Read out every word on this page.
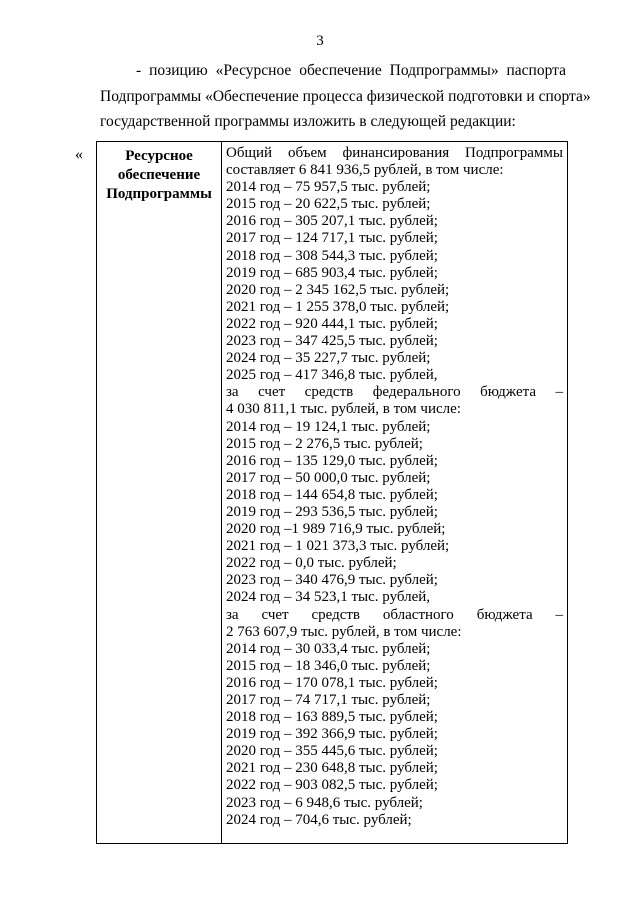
3
- позицию «Ресурсное обеспечение Подпрограммы» паспорта
Подпрограммы «Обеспечение процесса физической подготовки и спорта»
государственной программы изложить в следующей редакции:
«	Ресурсное обеспечение Подпрограммы	
Общий объем финансирования Подпрограммы
составляет 6 841 936,5 рублей, в том числе:
2014 год – 75 957,5 тыс. рублей;
2015 год – 20 622,5 тыс. рублей;
2016 год – 305 207,1 тыс. рублей;
2017 год – 124 717,1 тыс. рублей;
2018 год – 308 544,3 тыс. рублей;
2019 год – 685 903,4 тыс. рублей;
2020 год – 2 345 162,5 тыс. рублей;
2021 год – 1 255 378,0 тыс. рублей;
2022 год – 920 444,1 тыс. рублей;
2023 год – 347 425,5 тыс. рублей;
2024 год – 35 227,7 тыс. рублей;
2025 год – 417 346,8 тыс. рублей,
за счет средств федерального бюджета –
4 030 811,1 тыс. рублей, в том числе:
2014 год – 19 124,1 тыс. рублей;
2015 год – 2 276,5 тыс. рублей;
2016 год – 135 129,0 тыс. рублей;
2017 год – 50 000,0 тыс. рублей;
2018 год – 144 654,8 тыс. рублей;
2019 год – 293 536,5 тыс. рублей;
2020 год –1 989 716,9 тыс. рублей;
2021 год – 1 021 373,3 тыс. рублей;
2022 год – 0,0 тыс. рублей;
2023 год – 340 476,9 тыс. рублей;
2024 год – 34 523,1 тыс. рублей,
за счет средств областного бюджета –
2 763 607,9 тыс. рублей, в том числе:
2014 год – 30 033,4 тыс. рублей;
2015 год – 18 346,0 тыс. рублей;
2016 год – 170 078,1 тыс. рублей;
2017 год – 74 717,1 тыс. рублей;
2018 год – 163 889,5 тыс. рублей;
2019 год – 392 366,9 тыс. рублей;
2020 год – 355 445,6 тыс. рублей;
2021 год – 230 648,8 тыс. рублей;
2022 год – 903 082,5 тыс. рублей;
2023 год – 6 948,6 тыс. рублей;
2024 год – 704,6 тыс. рублей;
